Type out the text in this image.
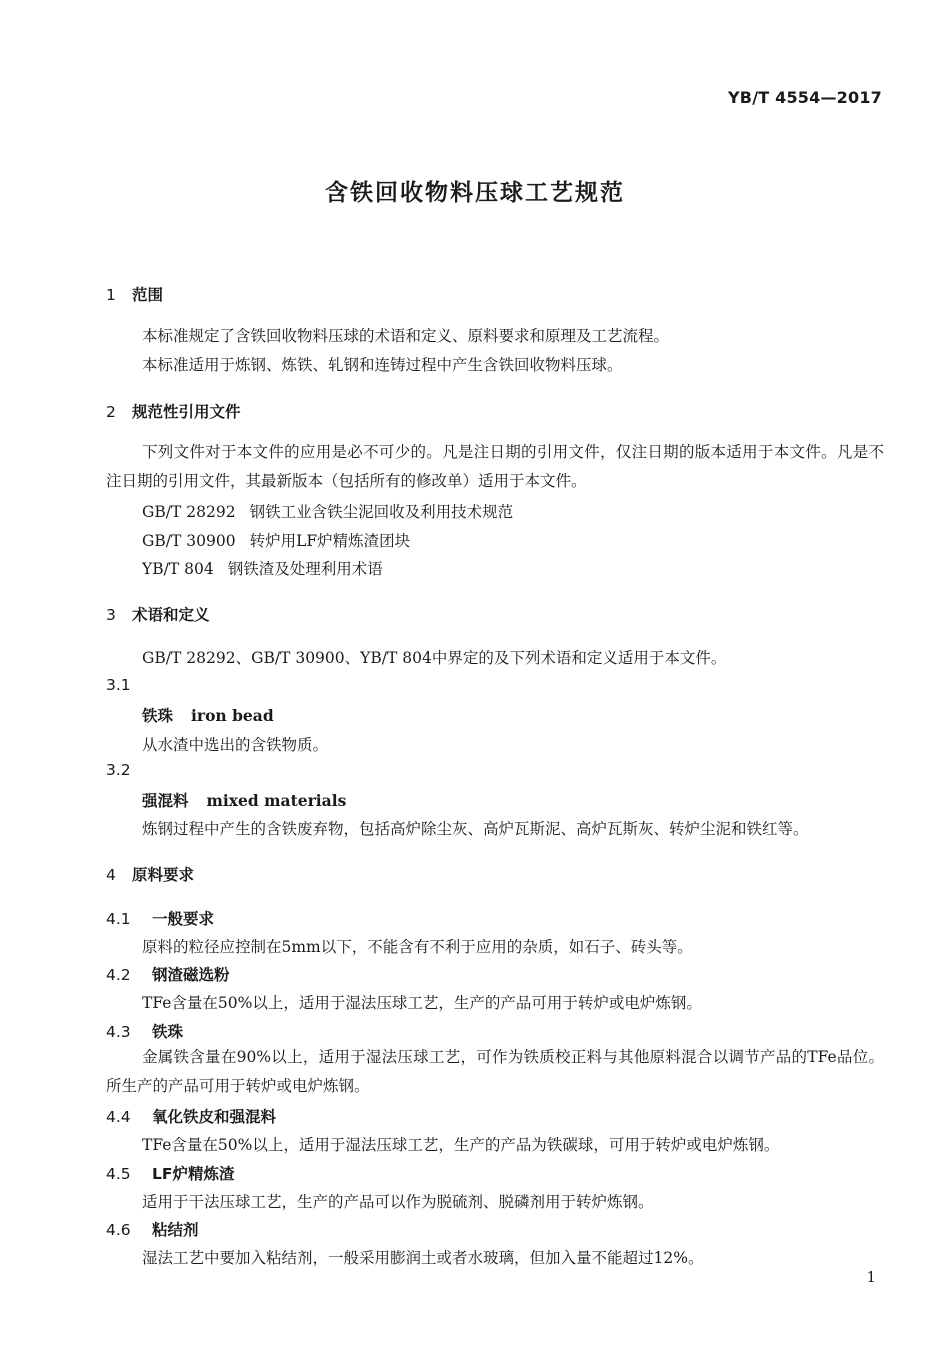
YB/T 4554—2017
含铁回收物料压球工艺规范
1 范围
本标准规定了含铁回收物料压球的术语和定义、原料要求和原理及工艺流程。
本标准适用于炼钢、炼铁、轧钢和连铸过程中产生含铁回收物料压球。
2 规范性引用文件
下列文件对于本文件的应用是必不可少的。凡是注日期的引用文件，仅注日期的版本适用于本文件。凡是不注日期的引用文件，其最新版本（包括所有的修改单）适用于本文件。
GB/T 28292 钢铁工业含铁尘泥回收及利用技术规范
GB/T 30900 转炉用LF炉精炼渣团块
YB/T 804 钢铁渣及处理利用术语
3 术语和定义
GB/T 28292、GB/T 30900、YB/T 804中界定的及下列术语和定义适用于本文件。
3.1
铁珠 iron bead
从水渣中选出的含铁物质。
3.2
强混料 mixed materials
炼钢过程中产生的含铁废弃物，包括高炉除尘灰、高炉瓦斯泥、高炉瓦斯灰、转炉尘泥和铁红等。
4 原料要求
4.1 一般要求
原料的粒径应控制在5mm以下，不能含有不利于应用的杂质，如石子、砖头等。
4.2 钢渣磁选粉
TFe含量在50%以上，适用于湿法压球工艺，生产的产品可用于转炉或电炉炼钢。
4.3 铁珠
金属铁含量在90%以上，适用于湿法压球工艺，可作为铁质校正料与其他原料混合以调节产品的TFe品位。所生产的产品可用于转炉或电炉炼钢。
4.4 氧化铁皮和强混料
TFe含量在50%以上，适用于湿法压球工艺，生产的产品为铁碳球，可用于转炉或电炉炼钢。
4.5 LF炉精炼渣
适用于干法压球工艺，生产的产品可以作为脱硫剂、脱磷剂用于转炉炼钢。
4.6 粘结剂
湿法工艺中要加入粘结剂，一般采用膨润土或者水玻璃，但加入量不能超过12%。
1
